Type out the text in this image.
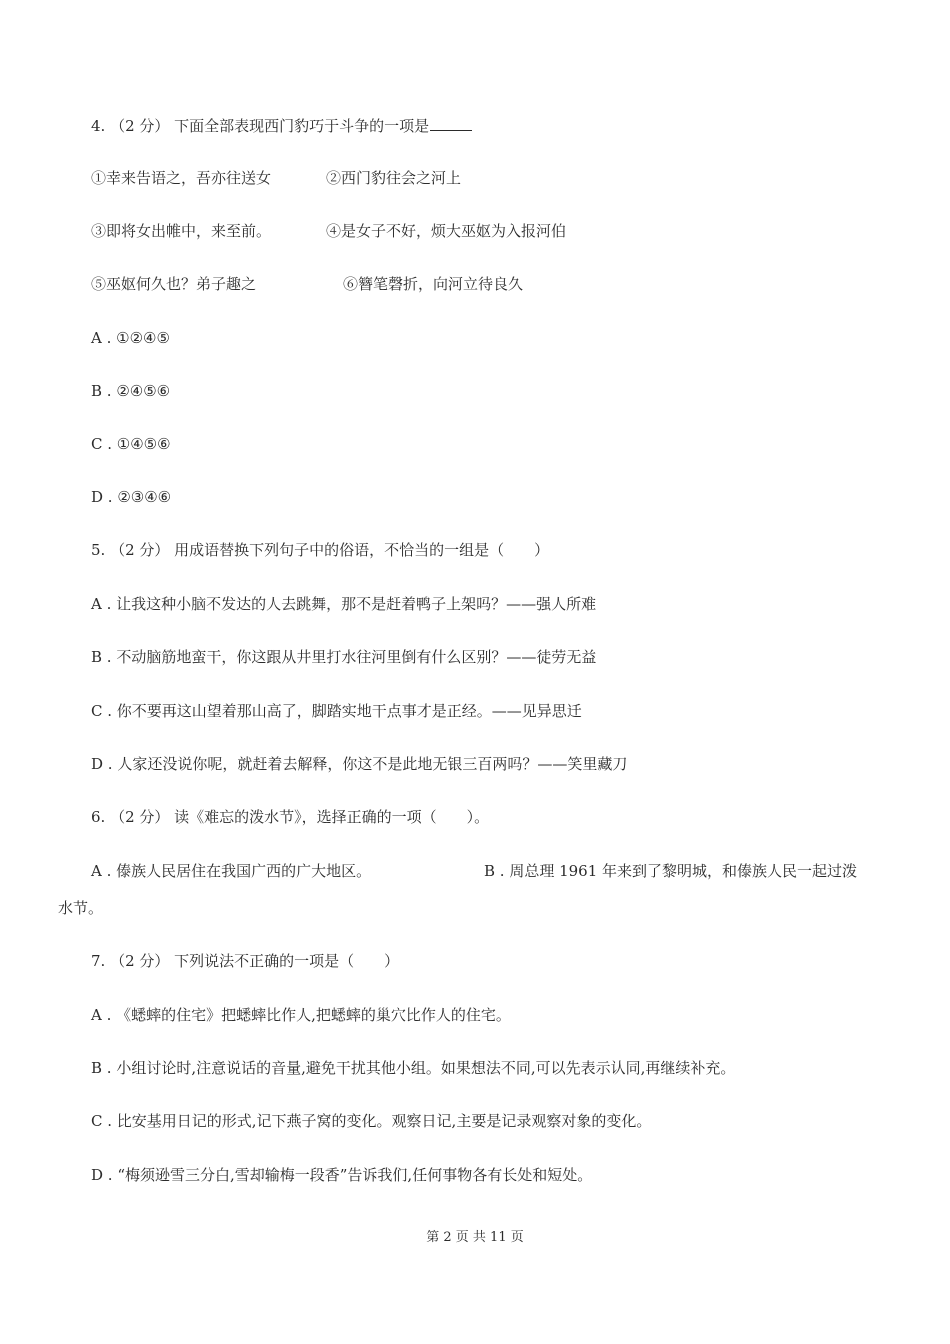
4. （2 分） 下面全部表现西门豹巧于斗争的一项是
①幸来告语之，吾亦往送女	②西门豹往会之河上
③即将女出帷中，来至前。	④是女子不好，烦大巫妪为入报河伯
⑤巫妪何久也？弟子趣之	⑥簪笔磬折，向河立待良久
A . ①②④⑤
B . ②④⑤⑥
C . ①④⑤⑥
D . ②③④⑥
5. （2 分） 用成语替换下列句子中的俗语，不恰当的一组是（　　）
A . 让我这种小脑不发达的人去跳舞，那不是赶着鸭子上架吗？——强人所难
B . 不动脑筋地蛮干，你这跟从井里打水往河里倒有什么区别？——徒劳无益
C . 你不要再这山望着那山高了，脚踏实地干点事才是正经。——见异思迁
D . 人家还没说你呢，就赶着去解释，你这不是此地无银三百两吗？——笑里藏刀
6. （2 分） 读《难忘的泼水节》，选择正确的一项（　　）。
A . 傣族人民居住在我国广西的广大地区。	B . 周总理 1961 年来到了黎明城，和傣族人民一起过泼
水节。
7. （2 分） 下列说法不正确的一项是（　　）
A . 《蟋蟀的住宅》把蟋蟀比作人,把蟋蟀的巢穴比作人的住宅。
B . 小组讨论时,注意说话的音量,避免干扰其他小组。如果想法不同,可以先表示认同,再继续补充。
C . 比安基用日记的形式,记下燕子窝的变化。观察日记,主要是记录观察对象的变化。
D . “梅须逊雪三分白,雪却输梅一段香”告诉我们,任何事物各有长处和短处。
第 2 页 共 11 页
